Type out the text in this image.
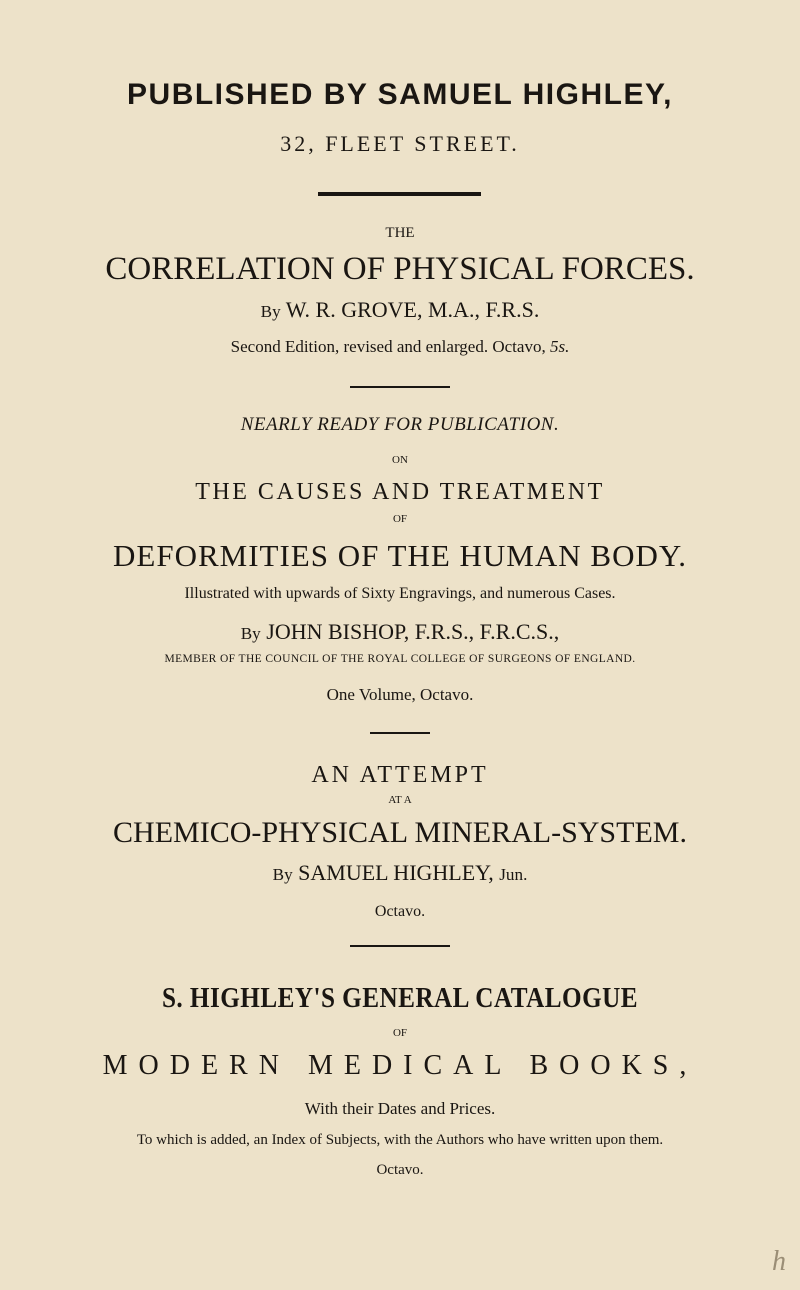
PUBLISHED BY SAMUEL HIGHLEY,
32, FLEET STREET.
THE
CORRELATION OF PHYSICAL FORCES.
By W. R. GROVE, M.A., F.R.S.
Second Edition, revised and enlarged. Octavo, 5s.
NEARLY READY FOR PUBLICATION.
ON
THE CAUSES AND TREATMENT
OF
DEFORMITIES OF THE HUMAN BODY.
Illustrated with upwards of Sixty Engravings, and numerous Cases.
By JOHN BISHOP, F.R.S., F.R.C.S.,
MEMBER OF THE COUNCIL OF THE ROYAL COLLEGE OF SURGEONS OF ENGLAND.
One Volume, Octavo.
AN ATTEMPT
AT A
CHEMICO-PHYSICAL MINERAL-SYSTEM.
By SAMUEL HIGHLEY, Jun.
Octavo.
S. HIGHLEY'S GENERAL CATALOGUE
OF
MODERN MEDICAL BOOKS,
With their Dates and Prices.
To which is added, an Index of Subjects, with the Authors who have written upon them.
Octavo.
h
